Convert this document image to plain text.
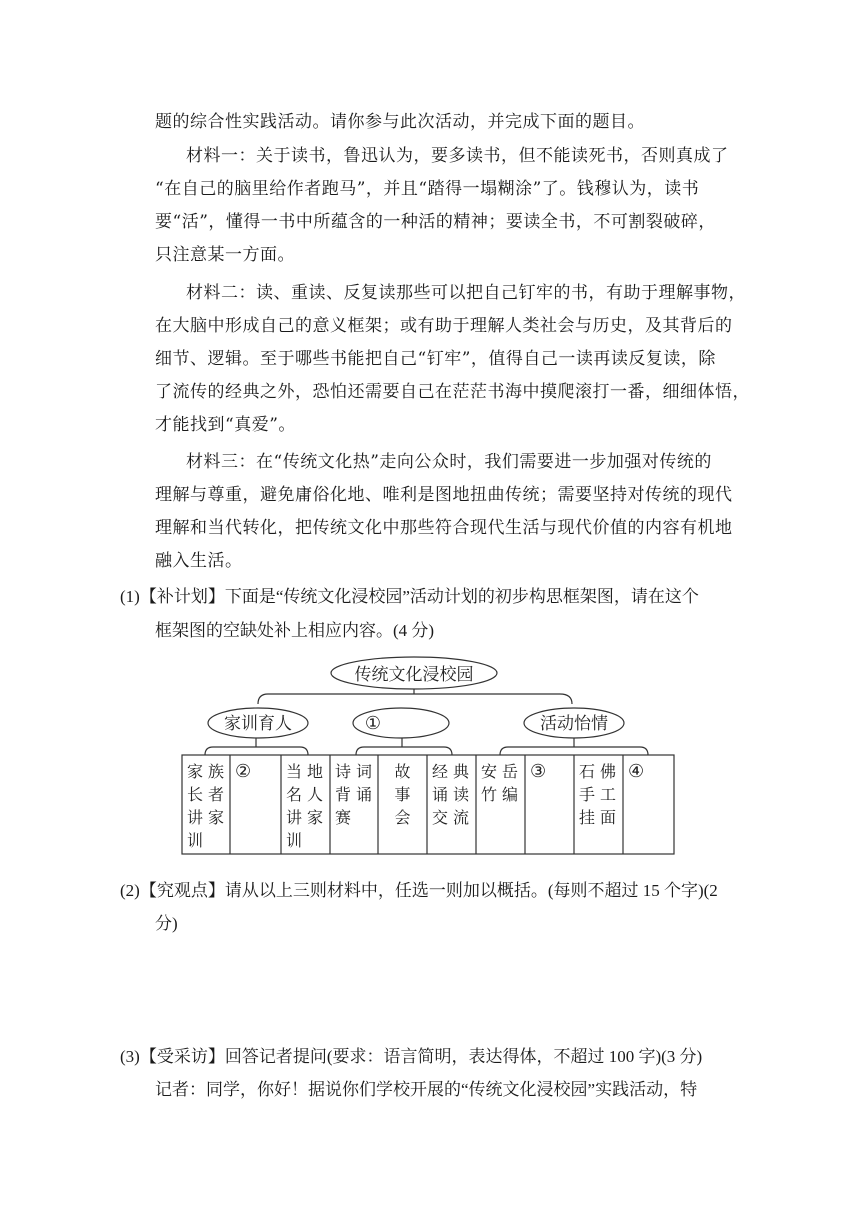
题的综合性实践活动。请你参与此次活动，并完成下面的题目。
材料一：关于读书，鲁迅认为，要多读书，但不能读死书，否则真成了
“在自己的脑里给作者跑马”，并且“踏得一塌糊涂”了。钱穆认为，读书
要“活”，懂得一书中所蕴含的一种活的精神；要读全书，不可割裂破碎，
只注意某一方面。
材料二：读、重读、反复读那些可以把自己钉牢的书，有助于理解事物，
在大脑中形成自己的意义框架；或有助于理解人类社会与历史，及其背后的
细节、逻辑。至于哪些书能把自己“钉牢”，值得自己一读再读反复读，除
了流传的经典之外，恐怕还需要自己在茫茫书海中摸爬滚打一番，细细体悟，
才能找到“真爱”。
材料三：在“传统文化热”走向公众时，我们需要进一步加强对传统的
理解与尊重，避免庸俗化地、唯利是图地扭曲传统；需要坚持对传统的现代
理解和当代转化，把传统文化中那些符合现代生活与现代价值的内容有机地
融入生活。
(1)【补计划】下面是“传统文化浸校园”活动计划的初步构思框架图，请在这个
框架图的空缺处补上相应内容。(4 分)
传统文化浸校园
家训育人	①	活动怡情
家 族
长 者
讲 家
训
② 当 地
名 人
讲 家
训
诗 词
背 诵
赛
故
事
会
经 典
诵 读
交 流
安 岳
竹 编
③ 石 佛
手 工
挂 面
④
(2)【究观点】请从以上三则材料中，任选一则加以概括。(每则不超过 15 个字)(2
分)
(3)【受采访】回答记者提问(要求：语言简明，表达得体，不超过 100 字)(3 分)
记者：同学，你好！据说你们学校开展的“传统文化浸校园”实践活动，特
